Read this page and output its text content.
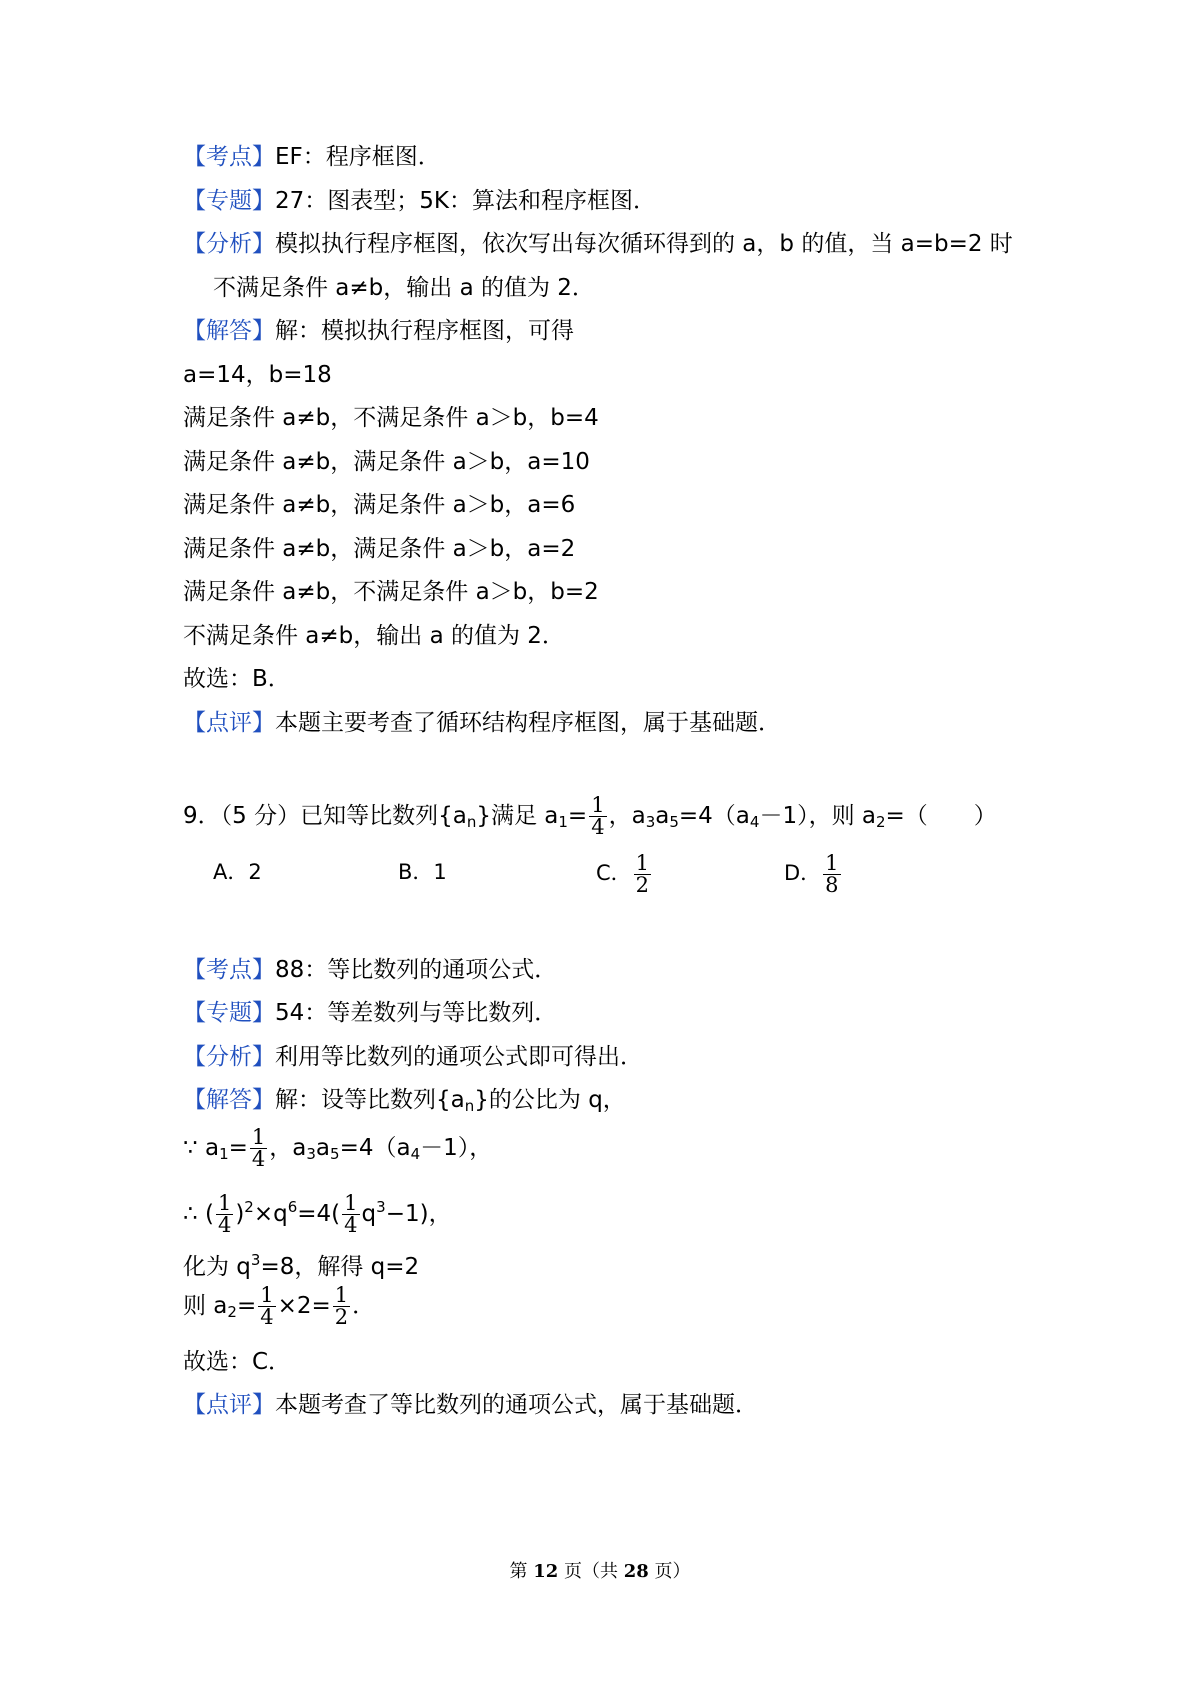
【考点】EF：程序框图．
【专题】27：图表型；5K：算法和程序框图．
【分析】模拟执行程序框图，依次写出每次循环得到的 a，b 的值，当 a=b=2 时
不满足条件 a≠b，输出 a 的值为 2．
【解答】解：模拟执行程序框图，可得
a=14，b=18
满足条件 a≠b，不满足条件 a＞b，b=4
满足条件 a≠b，满足条件 a＞b，a=10
满足条件 a≠b，满足条件 a＞b，a=6
满足条件 a≠b，满足条件 a＞b，a=2
满足条件 a≠b，不满足条件 a＞b，b=2
不满足条件 a≠b，输出 a 的值为 2．
故选：B．
【点评】本题主要考查了循环结构程序框图，属于基础题．
9．（5 分）已知等比数列$\{a_n\}$满足 $a_1= \frac{1}{4}$ ，$a_3a_5=4(a_4-1)$，则 $a_2=$（　　）
A．2	B．1	C． $\frac{1}{2}$	D． $\frac{1}{8}$
【考点】88：等比数列的通项公式．
【专题】54：等差数列与等比数列．
【分析】利用等比数列的通项公式即可得出．
【解答】解：设等比数列$\{a_n\}$的公比为 q，
∵ $a_1= \frac{1}{4}$ ，$a_3a_5=4(a_4-1)$，
∴ ( $\frac{1}{4} )^2\times q^6=4( \frac{1}{4} q^3-1)$，
化为 $q^3=8$，解得 q=2
则 $a_2= \frac{1}{4} \times 2= \frac{1}{2}$ ．
故选：C．
【点评】本题考查了等比数列的通项公式，属于基础题．
第 12 页（共 28 页）
